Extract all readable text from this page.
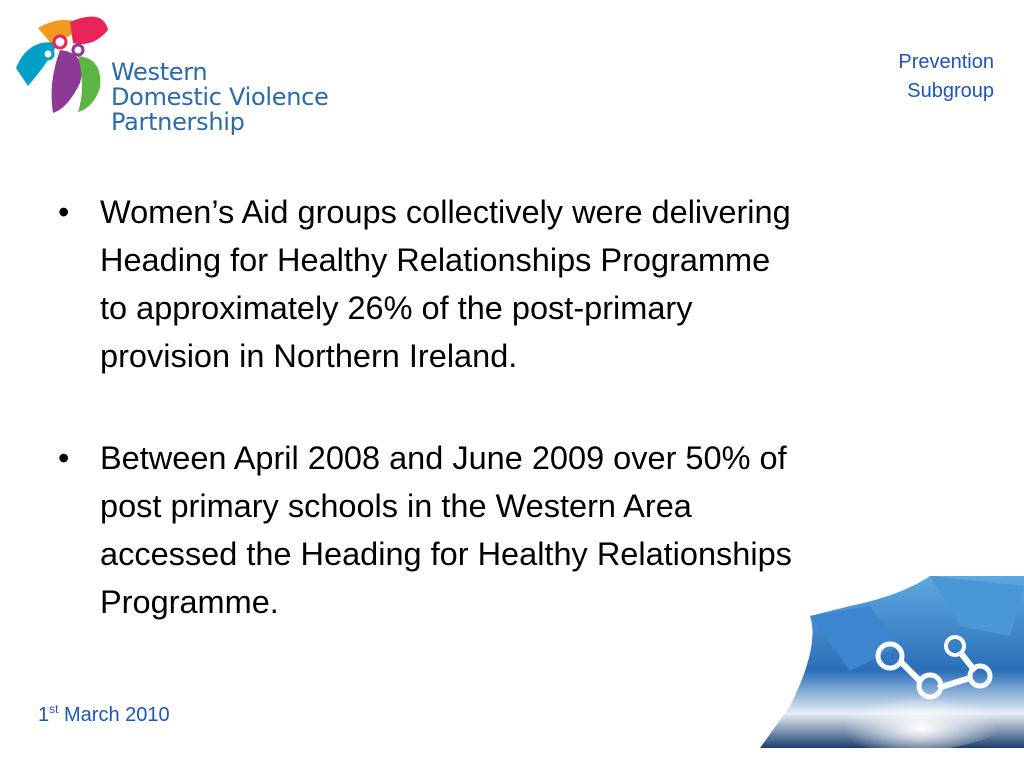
Western
Domestic Violence
Partnership
Prevention
Subgroup
• Women’s Aid groups collectively were delivering
Heading for Healthy Relationships Programme
to approximately 26% of the post-primary
provision in Northern Ireland.
• Between April 2008 and June 2009 over 50% of
post primary schools in the Western Area
accessed the Heading for Healthy Relationships
Programme.
1st March 2010
